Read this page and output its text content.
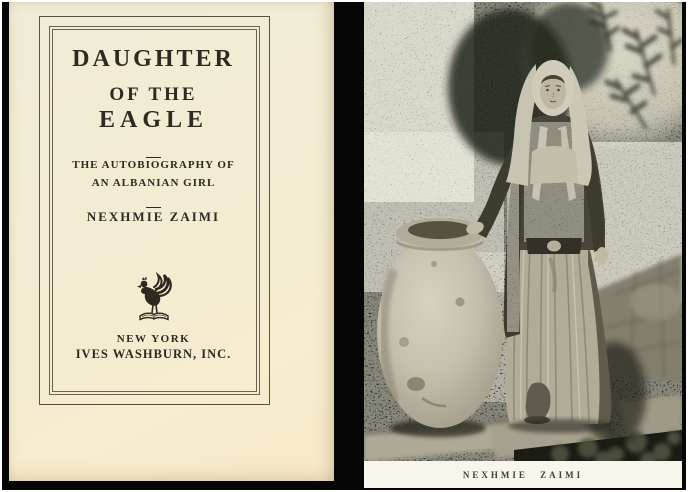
DAUGHTER
OF THE
EAGLE
THE AUTOBIOGRAPHY OF
AN ALBANIAN GIRL
NEXHMIE ZAIMI
NEW YORK
IVES WASHBURN, INC.
NEXHMIE ZAIMI
